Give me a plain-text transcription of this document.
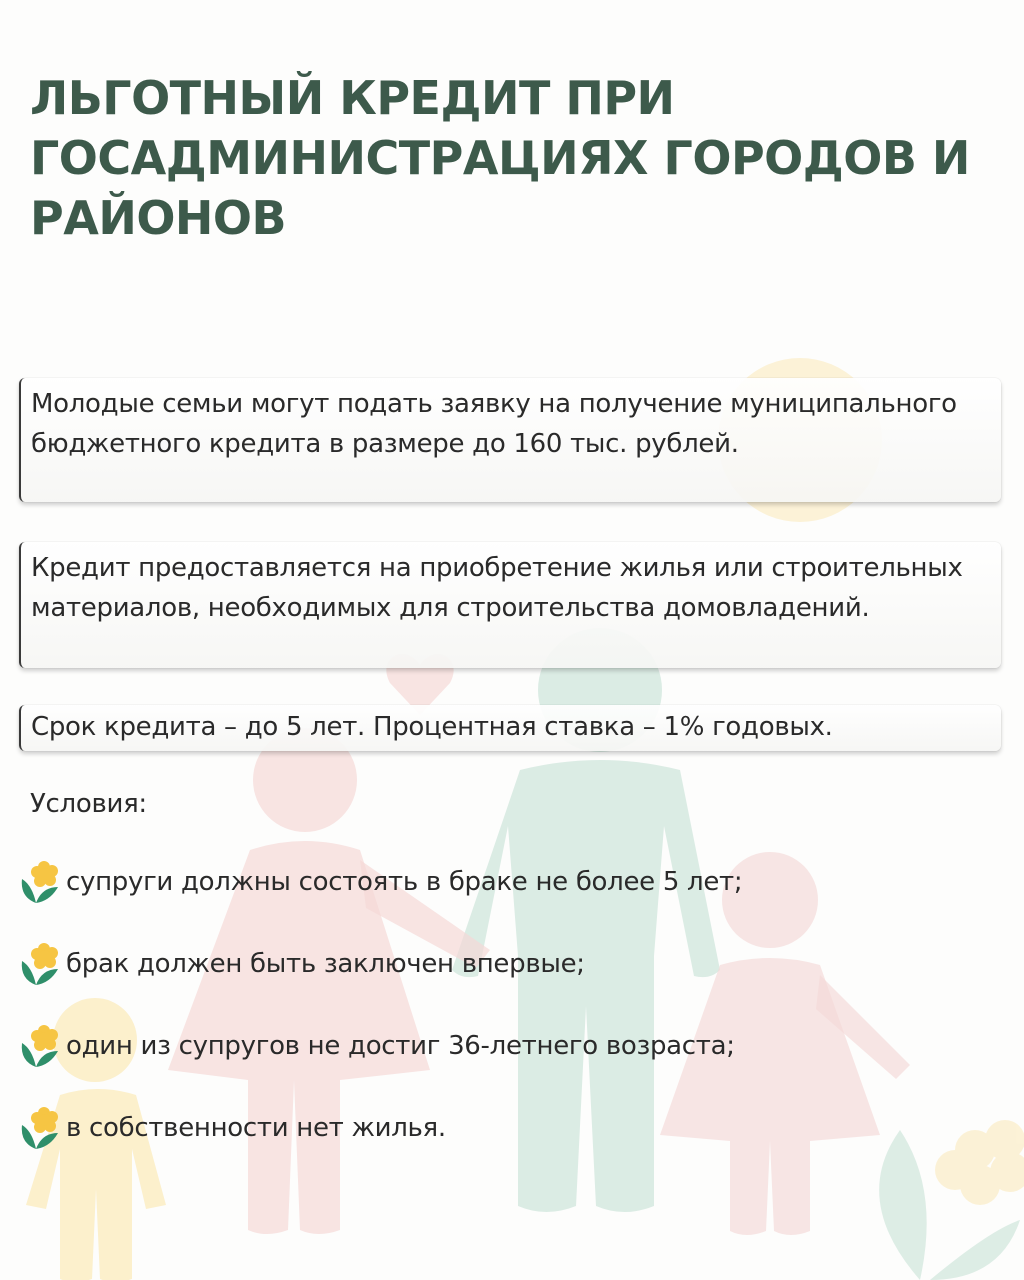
ЛЬГОТНЫЙ КРЕДИТ ПРИ ГОСАДМИНИСТРАЦИЯХ ГОРОДОВ И РАЙОНОВ

Молодые семьи могут подать заявку на получение муниципального бюджетного кредита в размере до 160 тыс. рублей.

Кредит предоставляется на приобретение жилья или строительных материалов, необходимых для строительства домовладений.

Срок кредита – до 5 лет. Процентная ставка – 1% годовых.

Условия:

супруги должны состоять в браке не более 5 лет;
брак должен быть заключен впервые;
один из супругов не достиг 36-летнего возраста;
в собственности нет жилья.
